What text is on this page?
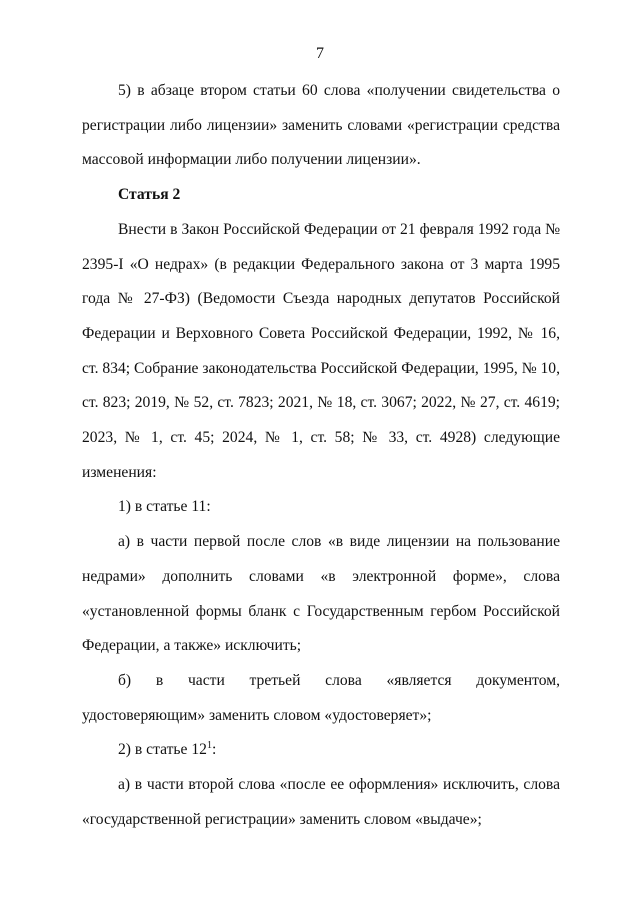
7

5) в абзаце втором статьи 60 слова «получении свидетельства о регистрации либо лицензии» заменить словами «регистрации средства массовой информации либо получении лицензии».

Статья 2

Внести в Закон Российской Федерации от 21 февраля 1992 года № 2395-I «О недрах» (в редакции Федерального закона от 3 марта 1995 года № 27-ФЗ) (Ведомости Съезда народных депутатов Российской Федерации и Верховного Совета Российской Федерации, 1992, № 16, ст. 834; Собрание законодательства Российской Федерации, 1995, № 10, ст. 823; 2019, № 52, ст. 7823; 2021, № 18, ст. 3067; 2022, № 27, ст. 4619; 2023, № 1, ст. 45; 2024, № 1, ст. 58; № 33, ст. 4928) следующие изменения:

1) в статье 11:

а) в части первой после слов «в виде лицензии на пользование недрами» дополнить словами «в электронной форме», слова «установленной формы бланк с Государственным гербом Российской Федерации, а также» исключить;

б) в части третьей слова «является документом, удостоверяющим» заменить словом «удостоверяет»;

2) в статье $12^1$:

а) в части второй слова «после ее оформления» исключить, слова «государственной регистрации» заменить словом «выдаче»;
